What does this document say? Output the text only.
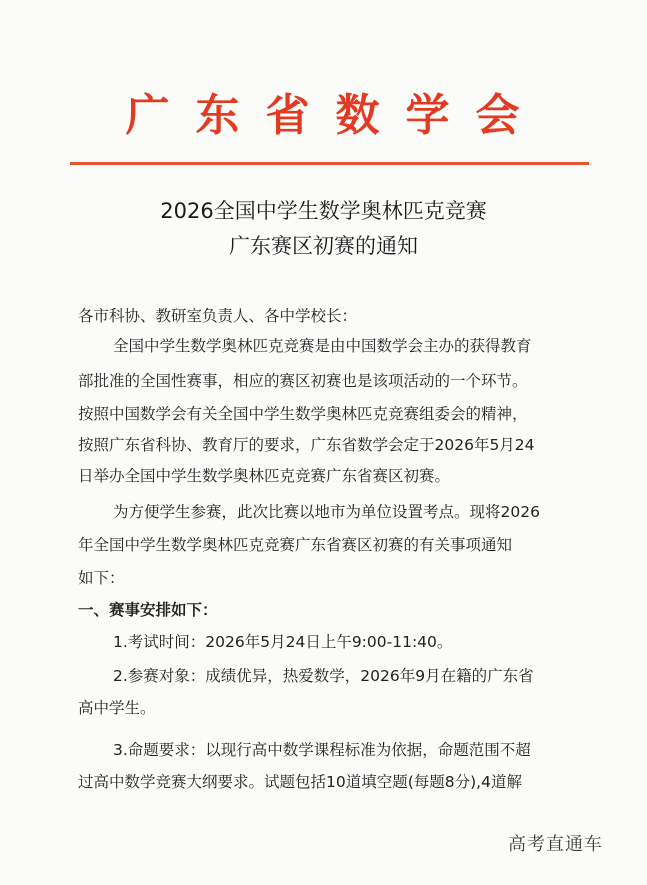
广东省数学会
2026全国中学生数学奥林匹克竞赛
广东赛区初赛的通知
各市科协、教研室负责人、各中学校长：
全国中学生数学奥林匹克竞赛是由中国数学会主办的获得教育
部批准的全国性赛事，相应的赛区初赛也是该项活动的一个环节。
按照中国数学会有关全国中学生数学奥林匹克竞赛组委会的精神，
按照广东省科协、教育厅的要求，广东省数学会定于2026年5月24
日举办全国中学生数学奥林匹克竞赛广东省赛区初赛。
为方便学生参赛，此次比赛以地市为单位设置考点。现将2026
年全国中学生数学奥林匹克竞赛广东省赛区初赛的有关事项通知
如下：
一、赛事安排如下：
1.考试时间：2026年5月24日上午9:00-11:40。
2.参赛对象：成绩优异，热爱数学，2026年9月在籍的广东省
高中学生。
3.命题要求：以现行高中数学课程标准为依据，命题范围不超
过高中数学竞赛大纲要求。试题包括10道填空题(每题8分),4道解
高考直通车
